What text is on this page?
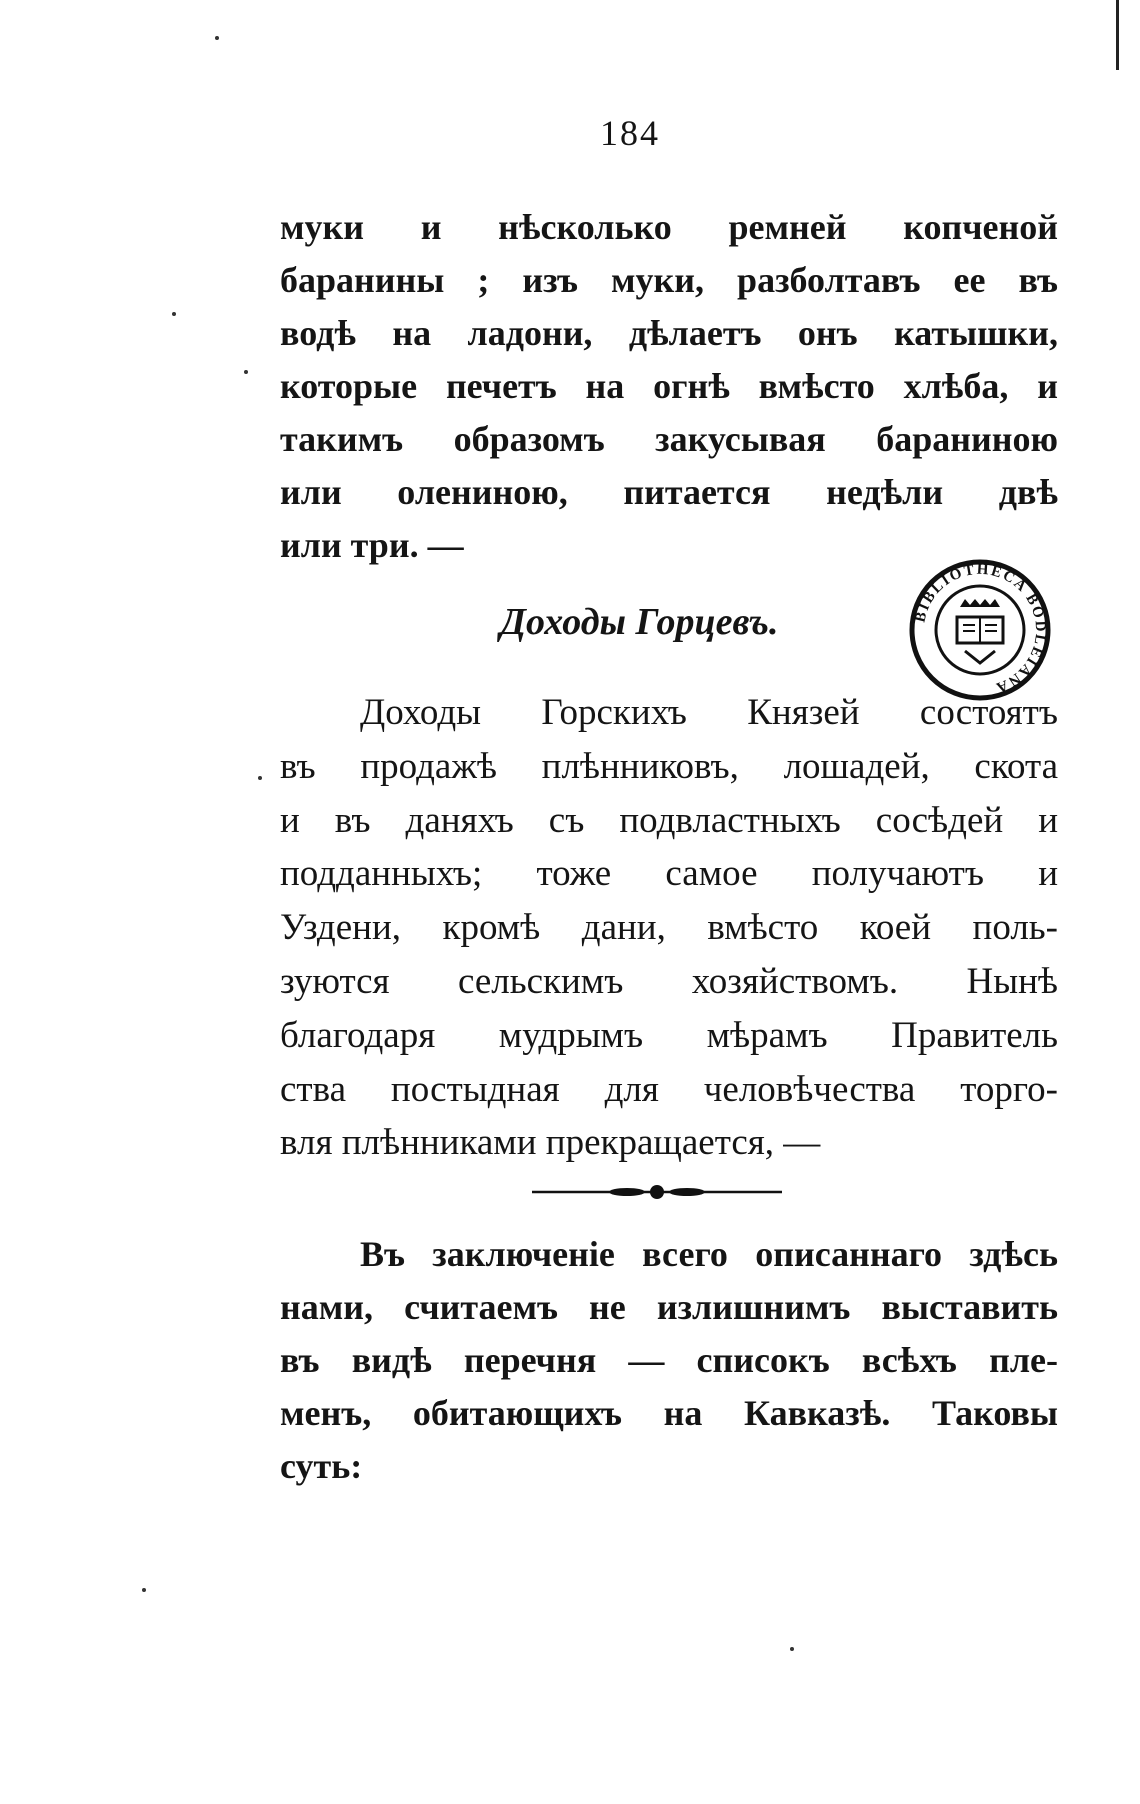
184
муки и нѣсколько ремней копченой
баранины ; изъ муки, разболтавъ ее въ
водѣ на ладони, дѣлаетъ онъ катышки,
которые печетъ на огнѣ вмѣсто хлѣба, и
такимъ образомъ закусывая бараниною
или олениною, питается недѣли двѣ
или три. —
Доходы Горцевъ.	BIBLIOTHECA BODLEIANA
Доходы Горскихъ Князей состоятъ
въ продажѣ плѣнниковъ, лошадей, скота
и въ даняхъ съ подвластныхъ сосѣдей и
подданныхъ; тоже самое получаютъ и
Уздени, кромѣ дани, вмѣсто коей поль-
зуются сельскимъ хозяйствомъ. Нынѣ
благодаря мудрымъ мѣрамъ Правитель
ства постыдная для человѣчества торго-
вля плѣнниками прекращается, —
Въ заключеніе всего описаннаго здѣсь
нами, считаемъ не излишнимъ выставить
въ видѣ перечня — списокъ всѣхъ пле-
менъ, обитающихъ на Кавказѣ. Таковы
суть:
